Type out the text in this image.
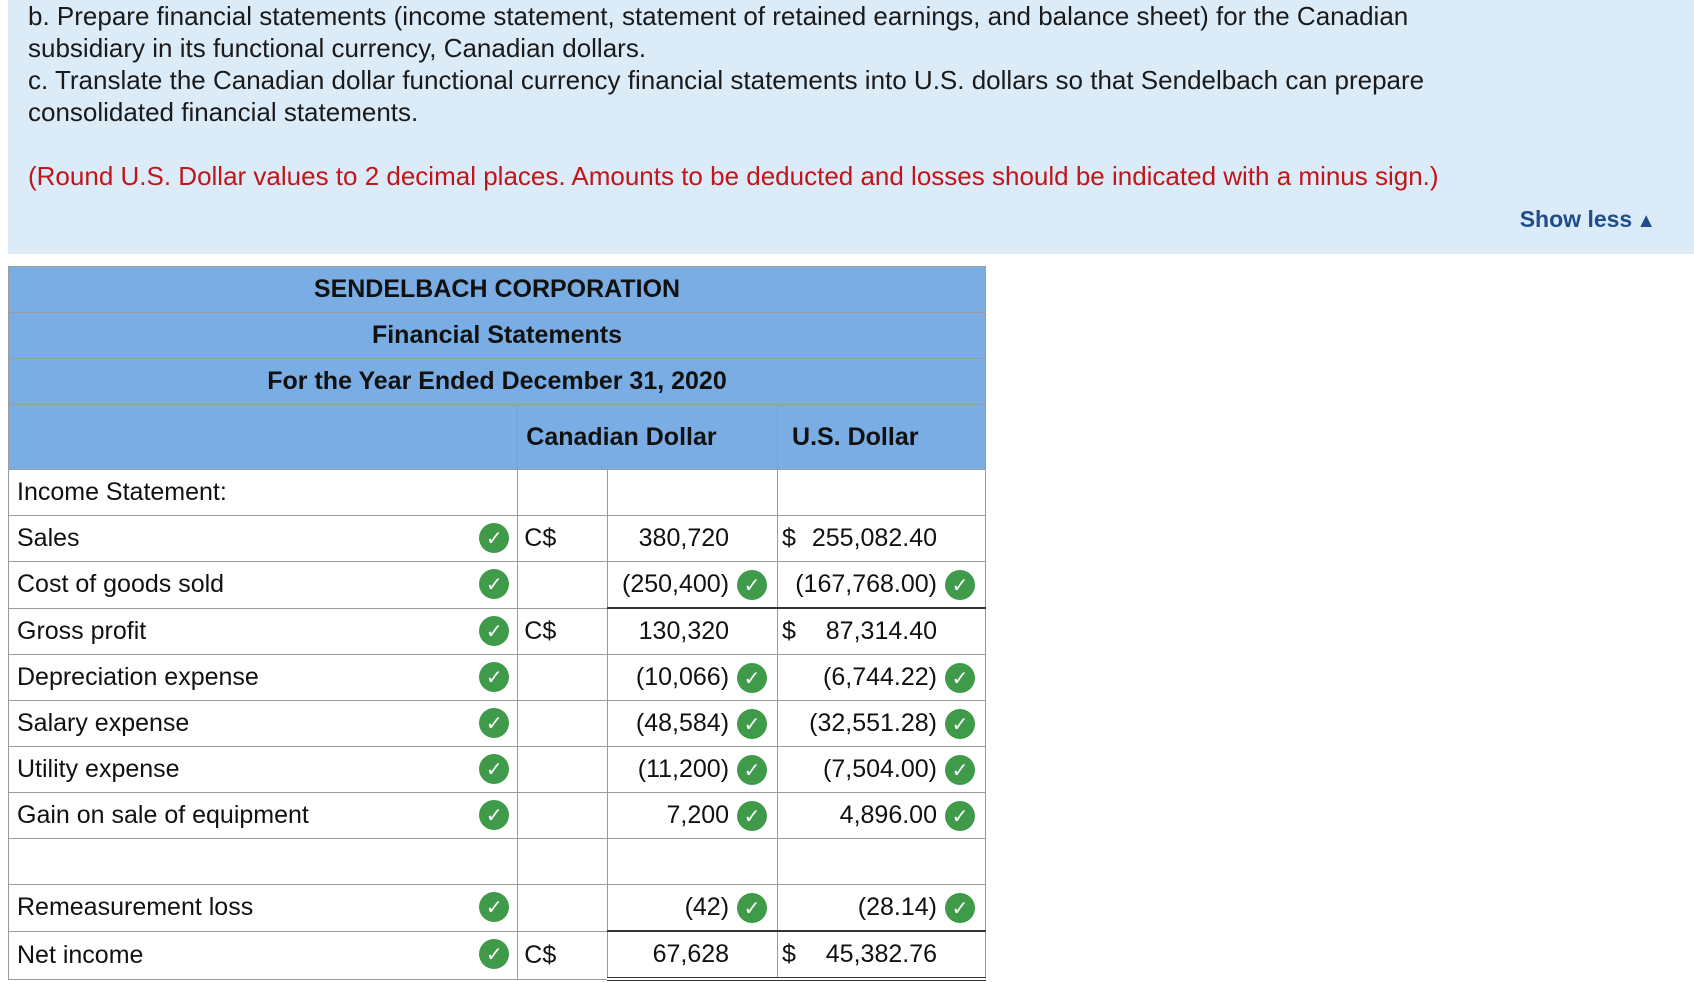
b. Prepare financial statements (income statement, statement of retained earnings, and balance sheet) for the Canadian
subsidiary in its functional currency, Canadian dollars.
c. Translate the Canadian dollar functional currency financial statements into U.S. dollars so that Sendelbach can prepare
consolidated financial statements.
(Round U.S. Dollar values to 2 decimal places. Amounts to be deducted and losses should be indicated with a minus sign.)
Show less ▲
SENDELBACH CORPORATION			
Financial Statements			
For the Year Ended December 31, 2020			
	Canadian Dollar		U.S. Dollar
Income Statement:			
Sales ✓	C$	380,720	$ 255,082.40
Cost of goods sold ✓		(250,400) ✓	(167,768.00) ✓
Gross profit ✓	C$	130,320	$ 87,314.40
Depreciation expense ✓		(10,066) ✓	(6,744.22) ✓
Salary expense ✓		(48,584) ✓	(32,551.28) ✓
Utility expense ✓		(11,200) ✓	(7,504.00) ✓
Gain on sale of equipment ✓		7,200 ✓	4,896.00 ✓

Remeasurement loss ✓		(42) ✓	(28.14) ✓
Net income ✓	C$	67,628	$ 45,382.76
